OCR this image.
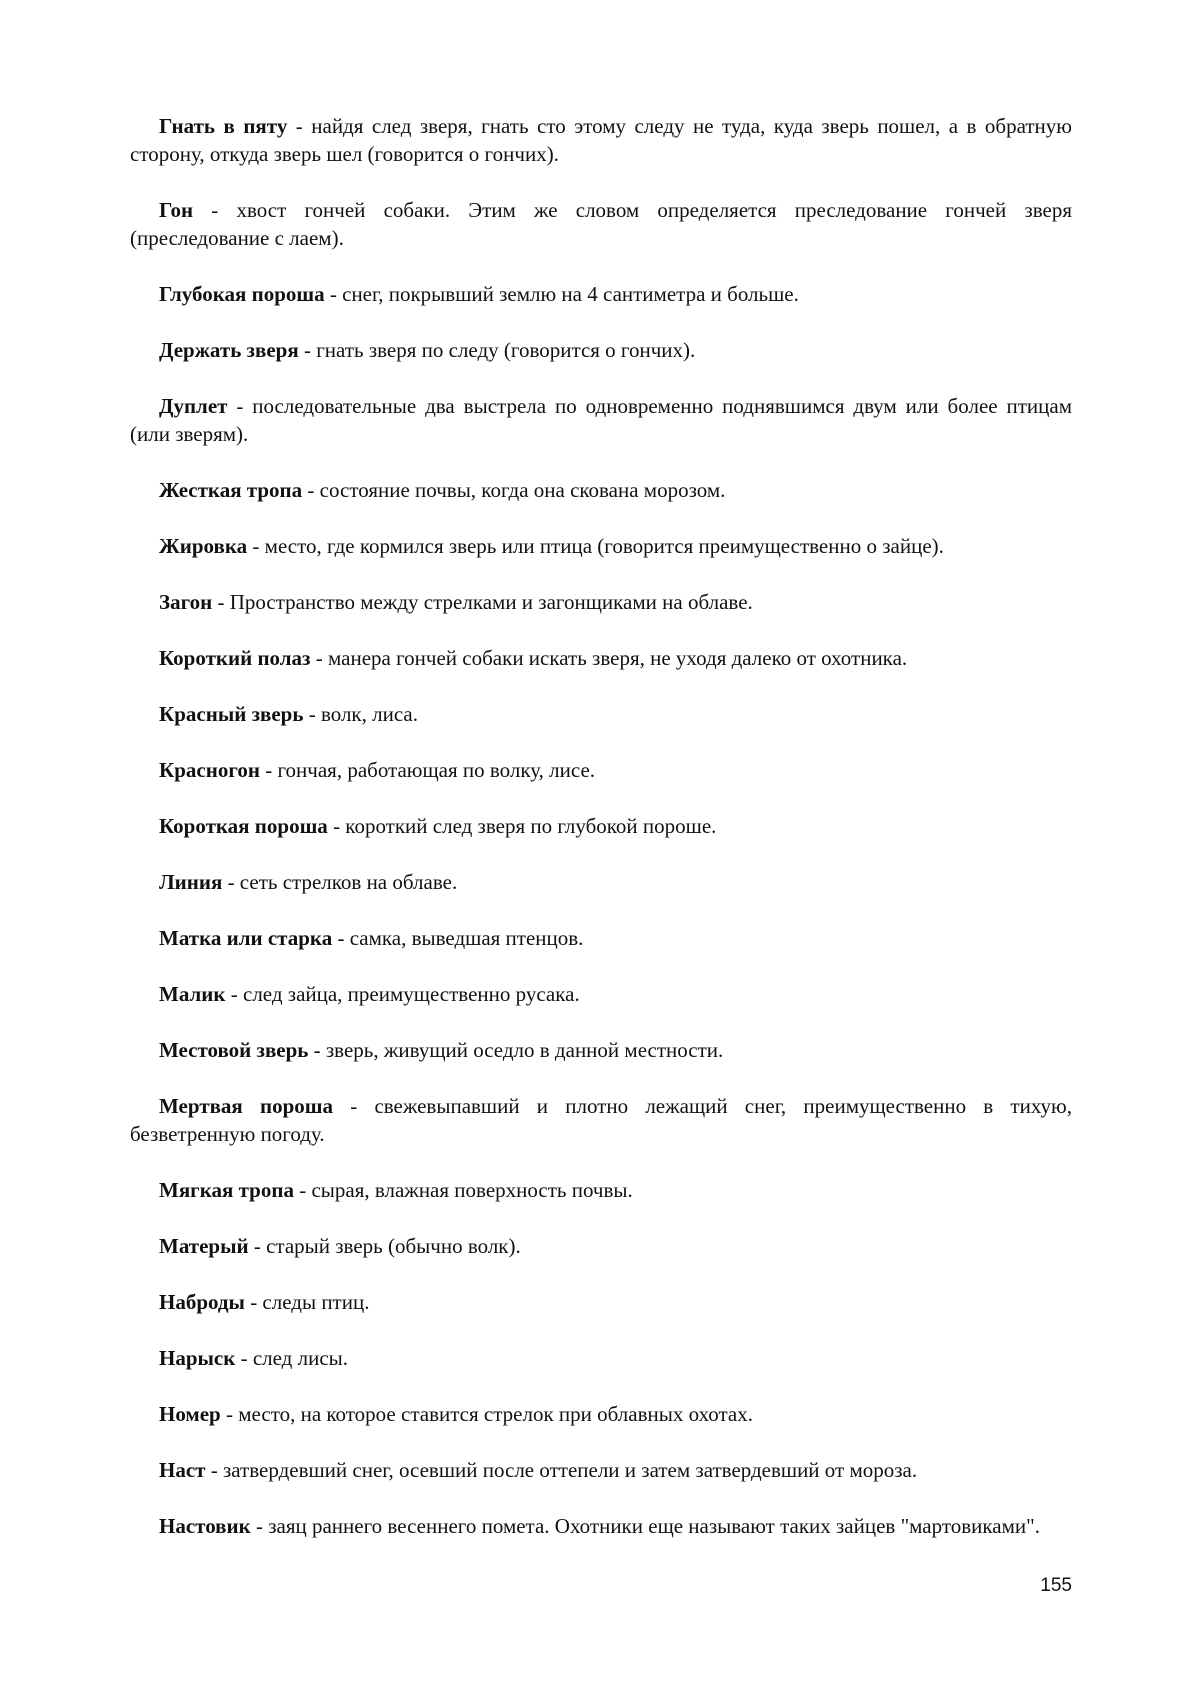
Гнать в пяту - найдя след зверя, гнать сто этому следу не туда, куда зверь пошел, а в обратную сторону, откуда зверь шел (говорится о гончих).

Гон - хвост гончей собаки. Этим же словом определяется преследование гончей зверя (преследование с лаем).

Глубокая пороша - снег, покрывший землю на 4 сантиметра и больше.

Держать зверя - гнать зверя по следу (говорится о гончих).

Дуплет - последовательные два выстрела по одновременно поднявшимся двум или более птицам (или зверям).

Жесткая тропа - состояние почвы, когда она скована морозом.

Жировка - место, где кормился зверь или птица (говорится преимущественно о зайце).

Загон - Пространство между стрелками и загонщиками на облаве.

Короткий полаз - манера гончей собаки искать зверя, не уходя далеко от охотника.

Красный зверь - волк, лиса.

Красногон - гончая, работающая по волку, лисе.

Короткая пороша - короткий след зверя по глубокой пороше.

Линия - сеть стрелков на облаве.

Матка или старка - самка, выведшая птенцов.

Малик - след зайца, преимущественно русака.

Местовой зверь - зверь, живущий оседло в данной местности.

Мертвая пороша - свежевыпавший и плотно лежащий снег, преимущественно в тихую, безветренную погоду.

Мягкая тропа - сырая, влажная поверхность почвы.

Матерый - старый зверь (обычно волк).

Наброды - следы птиц.

Нарыск - след лисы.

Номер - место, на которое ставится стрелок при облавных охотах.

Наст - затвердевший снег, осевший после оттепели и затем затвердевший от мороза.

Настовик - заяц раннего весеннего помета. Охотники еще называют таких зайцев "мартовиками".

155
